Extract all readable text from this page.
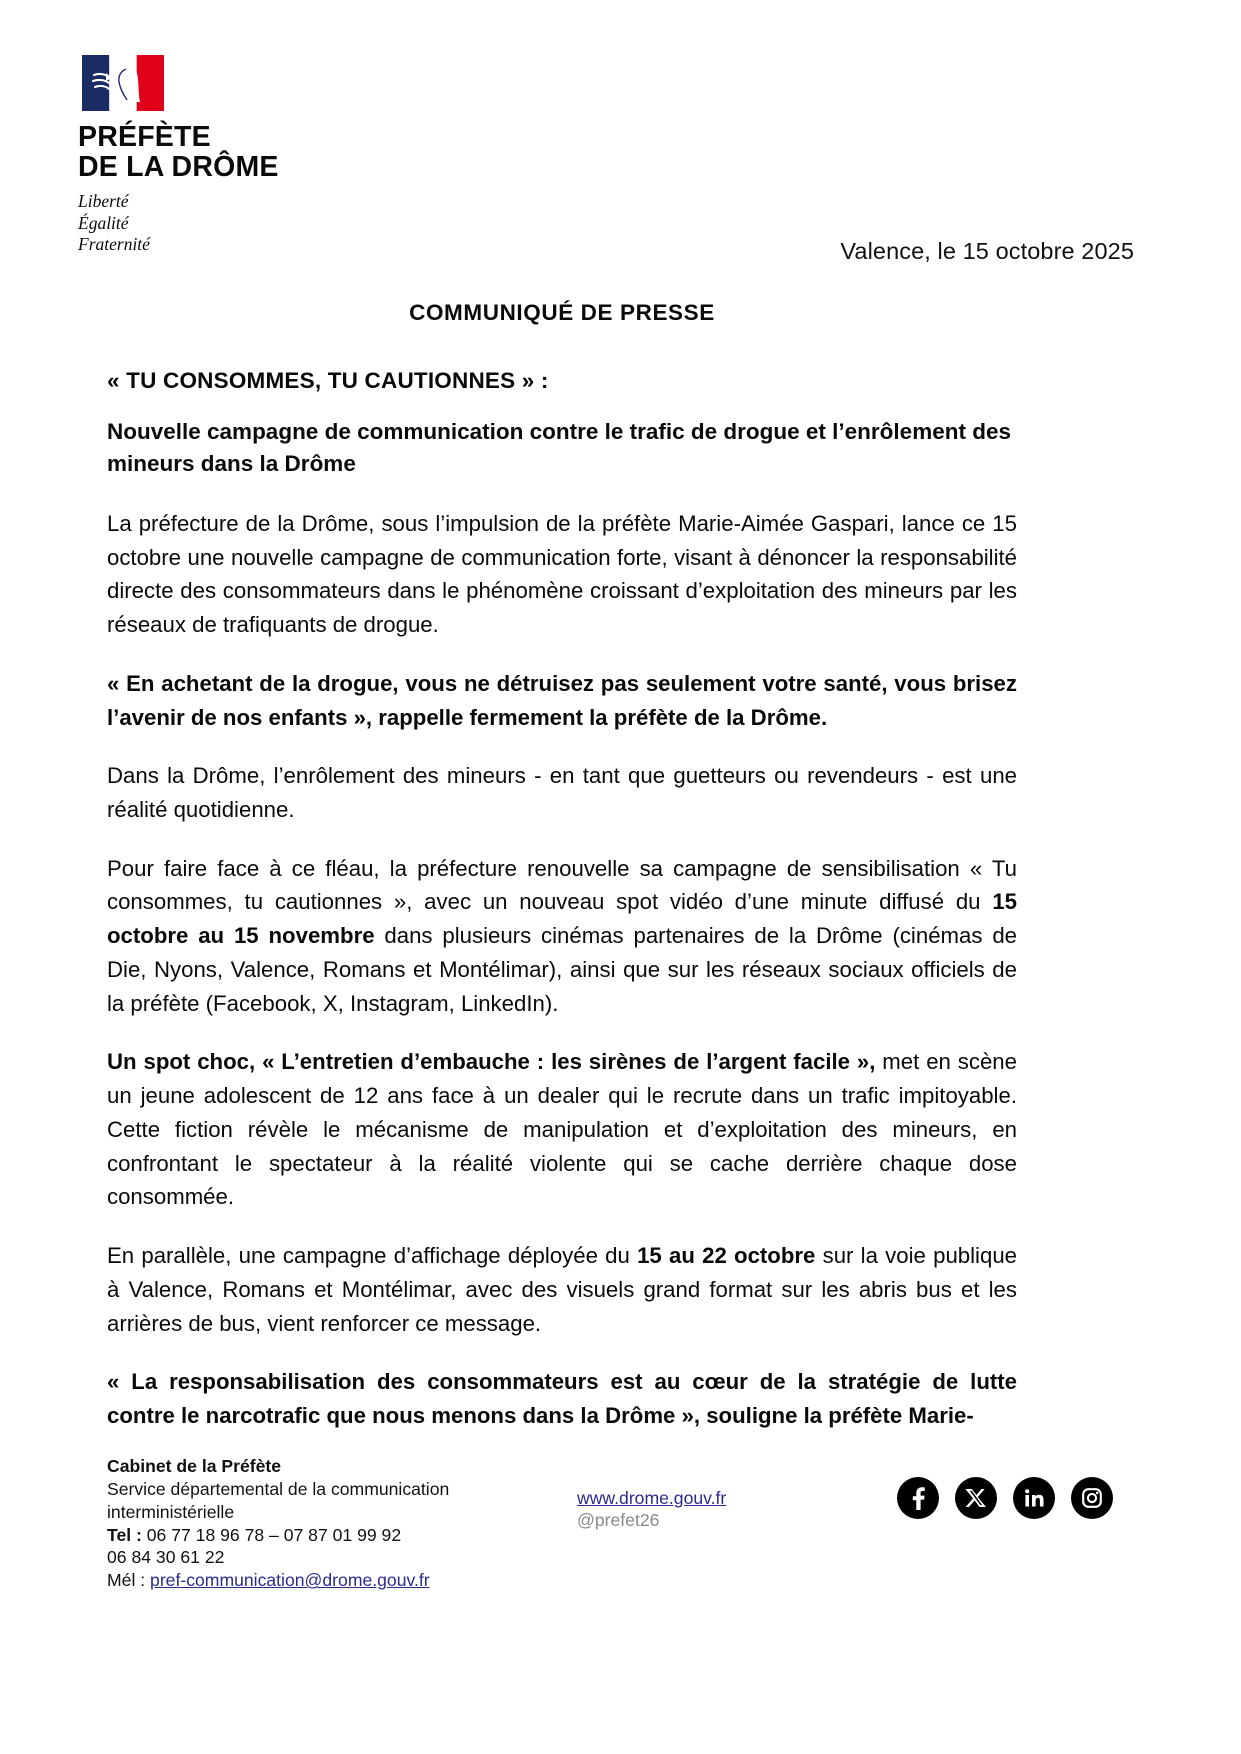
PRÉFÈTE
DE LA DRÔME
Liberté
Égalité
Fraternité	Valence, le 15 octobre 2025
COMMUNIQUÉ DE PRESSE
« TU CONSOMMES, TU CAUTIONNES » :
Nouvelle campagne de communication contre le trafic de drogue et l’enrôlement des mineurs dans la Drôme

La préfecture de la Drôme, sous l’impulsion de la préfète Marie-Aimée Gaspari, lance ce 15 octobre une nouvelle campagne de communication forte, visant à dénoncer la responsabilité directe des consommateurs dans le phénomène croissant d’exploitation des mineurs par les réseaux de trafiquants de drogue.

« En achetant de la drogue, vous ne détruisez pas seulement votre santé, vous brisez l’avenir de nos enfants », rappelle fermement la préfète de la Drôme.

Dans la Drôme, l’enrôlement des mineurs - en tant que guetteurs ou revendeurs - est une réalité quotidienne.

Pour faire face à ce fléau, la préfecture renouvelle sa campagne de sensibilisation « Tu consommes, tu cautionnes », avec un nouveau spot vidéo d’une minute diffusé du 15 octobre au 15 novembre dans plusieurs cinémas partenaires de la Drôme (cinémas de Die, Nyons, Valence, Romans et Montélimar), ainsi que sur les réseaux sociaux officiels de la préfète (Facebook, X, Instagram, LinkedIn).

Un spot choc, « L’entretien d’embauche : les sirènes de l’argent facile », met en scène un jeune adolescent de 12 ans face à un dealer qui le recrute dans un trafic impitoyable. Cette fiction révèle le mécanisme de manipulation et d’exploitation des mineurs, en confrontant le spectateur à la réalité violente qui se cache derrière chaque dose consommée.

En parallèle, une campagne d’affichage déployée du 15 au 22 octobre sur la voie publique à Valence, Romans et Montélimar, avec des visuels grand format sur les abris bus et les arrières de bus, vient renforcer ce message.

« La responsabilisation des consommateurs est au cœur de la stratégie de lutte contre le narcotrafic que nous menons dans la Drôme », souligne la préfète Marie-

Cabinet de la Préfète
Service départemental de la communication
interministérielle
Tel : 06 77 18 96 78 – 07 87 01 99 92
06 84 30 61 22
Mél : pref-communication@drome.gouv.fr
www.drome.gouv.fr
@prefet26
